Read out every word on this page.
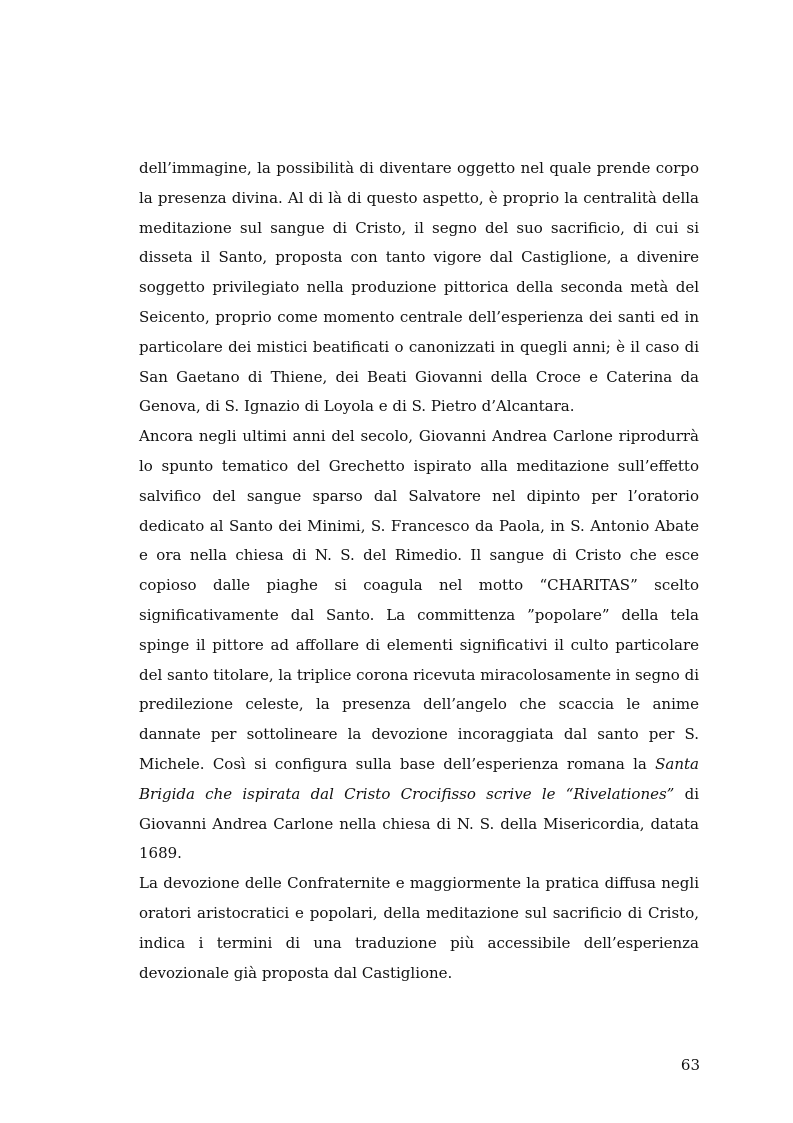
dell’immagine, la possibilità di diventare oggetto nel quale prende corpo la presenza divina. Al di là di questo aspetto, è proprio la centralità della meditazione sul sangue di Cristo, il segno del suo sacrificio, di cui si disseta il Santo, proposta con tanto vigore dal Castiglione, a divenire soggetto privilegiato nella produzione pittorica della seconda metà del Seicento, proprio come momento centrale dell’esperienza dei santi ed in particolare dei mistici beatificati o canonizzati in quegli anni; è il caso di San Gaetano di Thiene, dei Beati Giovanni della Croce e Caterina da Genova, di S. Ignazio di Loyola e di S. Pietro d’Alcantara.

Ancora negli ultimi anni del secolo, Giovanni Andrea Carlone riprodurrà lo spunto tematico del Grechetto ispirato alla meditazione sull’effetto salvifico del sangue sparso dal Salvatore nel dipinto per l’oratorio dedicato al Santo dei Minimi, S. Francesco da Paola, in S. Antonio Abate e ora nella chiesa di N. S. del Rimedio. Il sangue di Cristo che esce copioso dalle piaghe si coagula nel motto “CHARITAS” scelto significativamente dal Santo. La committenza ”popolare” della tela spinge il pittore ad affollare di elementi significativi il culto particolare del santo titolare, la triplice corona ricevuta miracolosamente in segno di predilezione celeste, la presenza dell’angelo che scaccia le anime dannate per sottolineare la devozione incoraggiata dal santo per S. Michele. Così si configura sulla base dell’esperienza romana la Santa Brigida che ispirata dal Cristo Crocifisso scrive le “Rivelationes” di Giovanni Andrea Carlone nella chiesa di N. S. della Misericordia, datata 1689.

La devozione delle Confraternite e maggiormente la pratica diffusa negli oratori aristocratici e popolari, della meditazione sul sacrificio di Cristo, indica i termini di una traduzione più accessibile dell’esperienza devozionale già proposta dal Castiglione.

63
